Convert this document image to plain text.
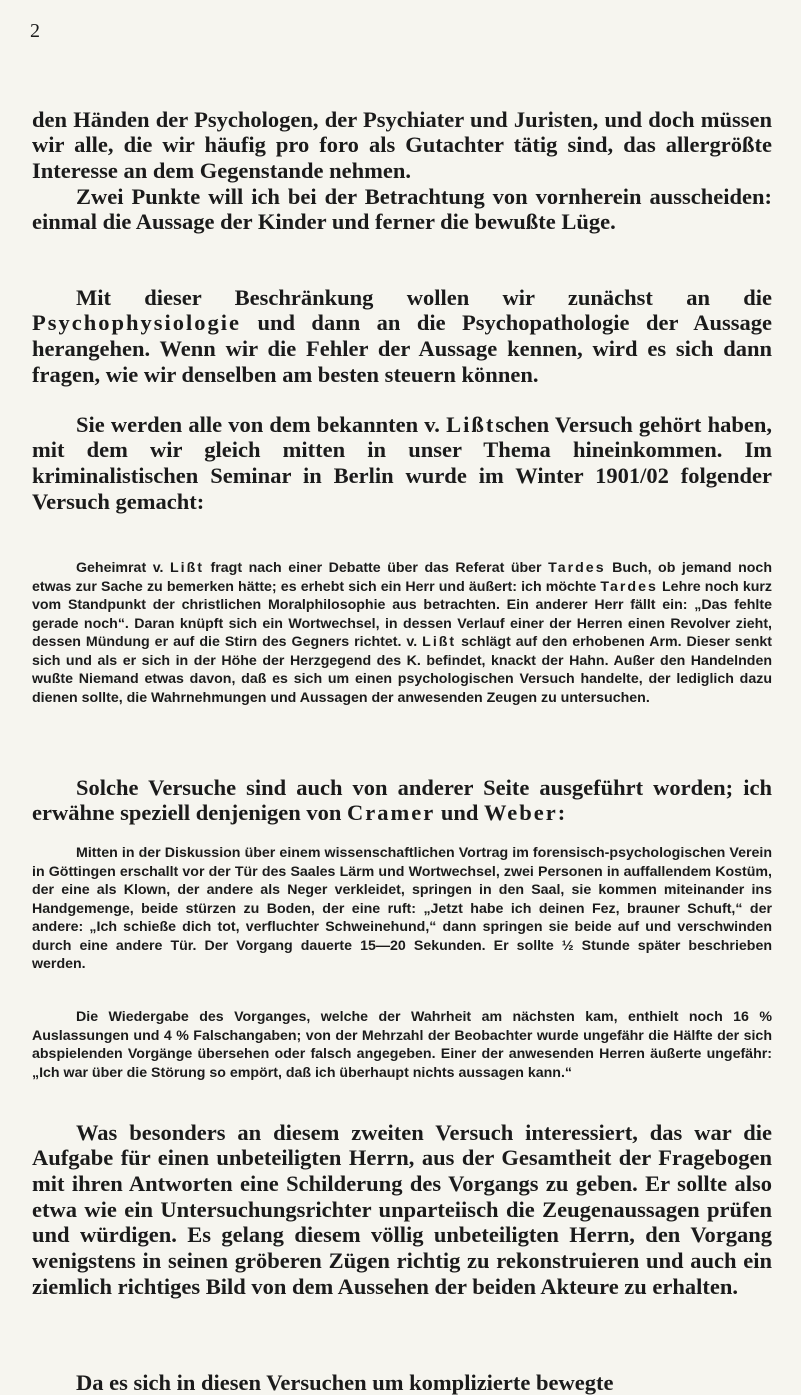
2

den Händen der Psychologen, der Psychiater und Juristen, und doch müssen wir alle, die wir häufig pro foro als Gutachter tätig sind, das allergrößte Interesse an dem Gegenstande nehmen.

Zwei Punkte will ich bei der Betrachtung von vornherein ausscheiden: einmal die Aussage der Kinder und ferner die bewußte Lüge.

Mit dieser Beschränkung wollen wir zunächst an die Psychophysiologie und dann an die Psychopathologie der Aussage herangehen. Wenn wir die Fehler der Aussage kennen, wird es sich dann fragen, wie wir denselben am besten steuern können.

Sie werden alle von dem bekannten v. Lißtschen Versuch gehört haben, mit dem wir gleich mitten in unser Thema hineinkommen. Im kriminalistischen Seminar in Berlin wurde im Winter 1901/02 folgender Versuch gemacht:

Geheimrat v. Lißt fragt nach einer Debatte über das Referat über Tardes Buch, ob jemand noch etwas zur Sache zu bemerken hätte; es erhebt sich ein Herr und äußert: ich möchte Tardes Lehre noch kurz vom Standpunkt der christlichen Moralphilosophie aus betrachten. Ein anderer Herr fällt ein: „Das fehlte gerade noch“. Daran knüpft sich ein Wortwechsel, in dessen Verlauf einer der Herren einen Revolver zieht, dessen Mündung er auf die Stirn des Gegners richtet. v. Lißt schlägt auf den erhobenen Arm. Dieser senkt sich und als er sich in der Höhe der Herzgegend des K. befindet, knackt der Hahn. Außer den Handelnden wußte Niemand etwas davon, daß es sich um einen psychologischen Versuch handelte, der lediglich dazu dienen sollte, die Wahrnehmungen und Aussagen der anwesenden Zeugen zu untersuchen.

Solche Versuche sind auch von anderer Seite ausgeführt worden; ich erwähne speziell denjenigen von Cramer und Weber:

Mitten in der Diskussion über einem wissenschaftlichen Vortrag im forensisch-psychologischen Verein in Göttingen erschallt vor der Tür des Saales Lärm und Wortwechsel, zwei Personen in auffallendem Kostüm, der eine als Klown, der andere als Neger verkleidet, springen in den Saal, sie kommen miteinander ins Handgemenge, beide stürzen zu Boden, der eine ruft: „Jetzt habe ich deinen Fez, brauner Schuft,“ der andere: „Ich schieße dich tot, verfluchter Schweinehund,“ dann springen sie beide auf und verschwinden durch eine andere Tür. Der Vorgang dauerte 15—20 Sekunden. Er sollte ½ Stunde später beschrieben werden.

Die Wiedergabe des Vorganges, welche der Wahrheit am nächsten kam, enthielt noch 16 % Auslassungen und 4 % Falschangaben; von der Mehrzahl der Beobachter wurde ungefähr die Hälfte der sich abspielenden Vorgänge übersehen oder falsch angegeben. Einer der anwesenden Herren äußerte ungefähr: „Ich war über die Störung so empört, daß ich überhaupt nichts aussagen kann.“

Was besonders an diesem zweiten Versuch interessiert, das war die Aufgabe für einen unbeteiligten Herrn, aus der Gesamtheit der Fragebogen mit ihren Antworten eine Schilderung des Vorgangs zu geben. Er sollte also etwa wie ein Untersuchungsrichter unparteiisch die Zeugenaussagen prüfen und würdigen. Es gelang diesem völlig unbeteiligten Herrn, den Vorgang wenigstens in seinen gröberen Zügen richtig zu rekonstruieren und auch ein ziemlich richtiges Bild von dem Aussehen der beiden Akteure zu erhalten.

Da es sich in diesen Versuchen um komplizierte bewegte
